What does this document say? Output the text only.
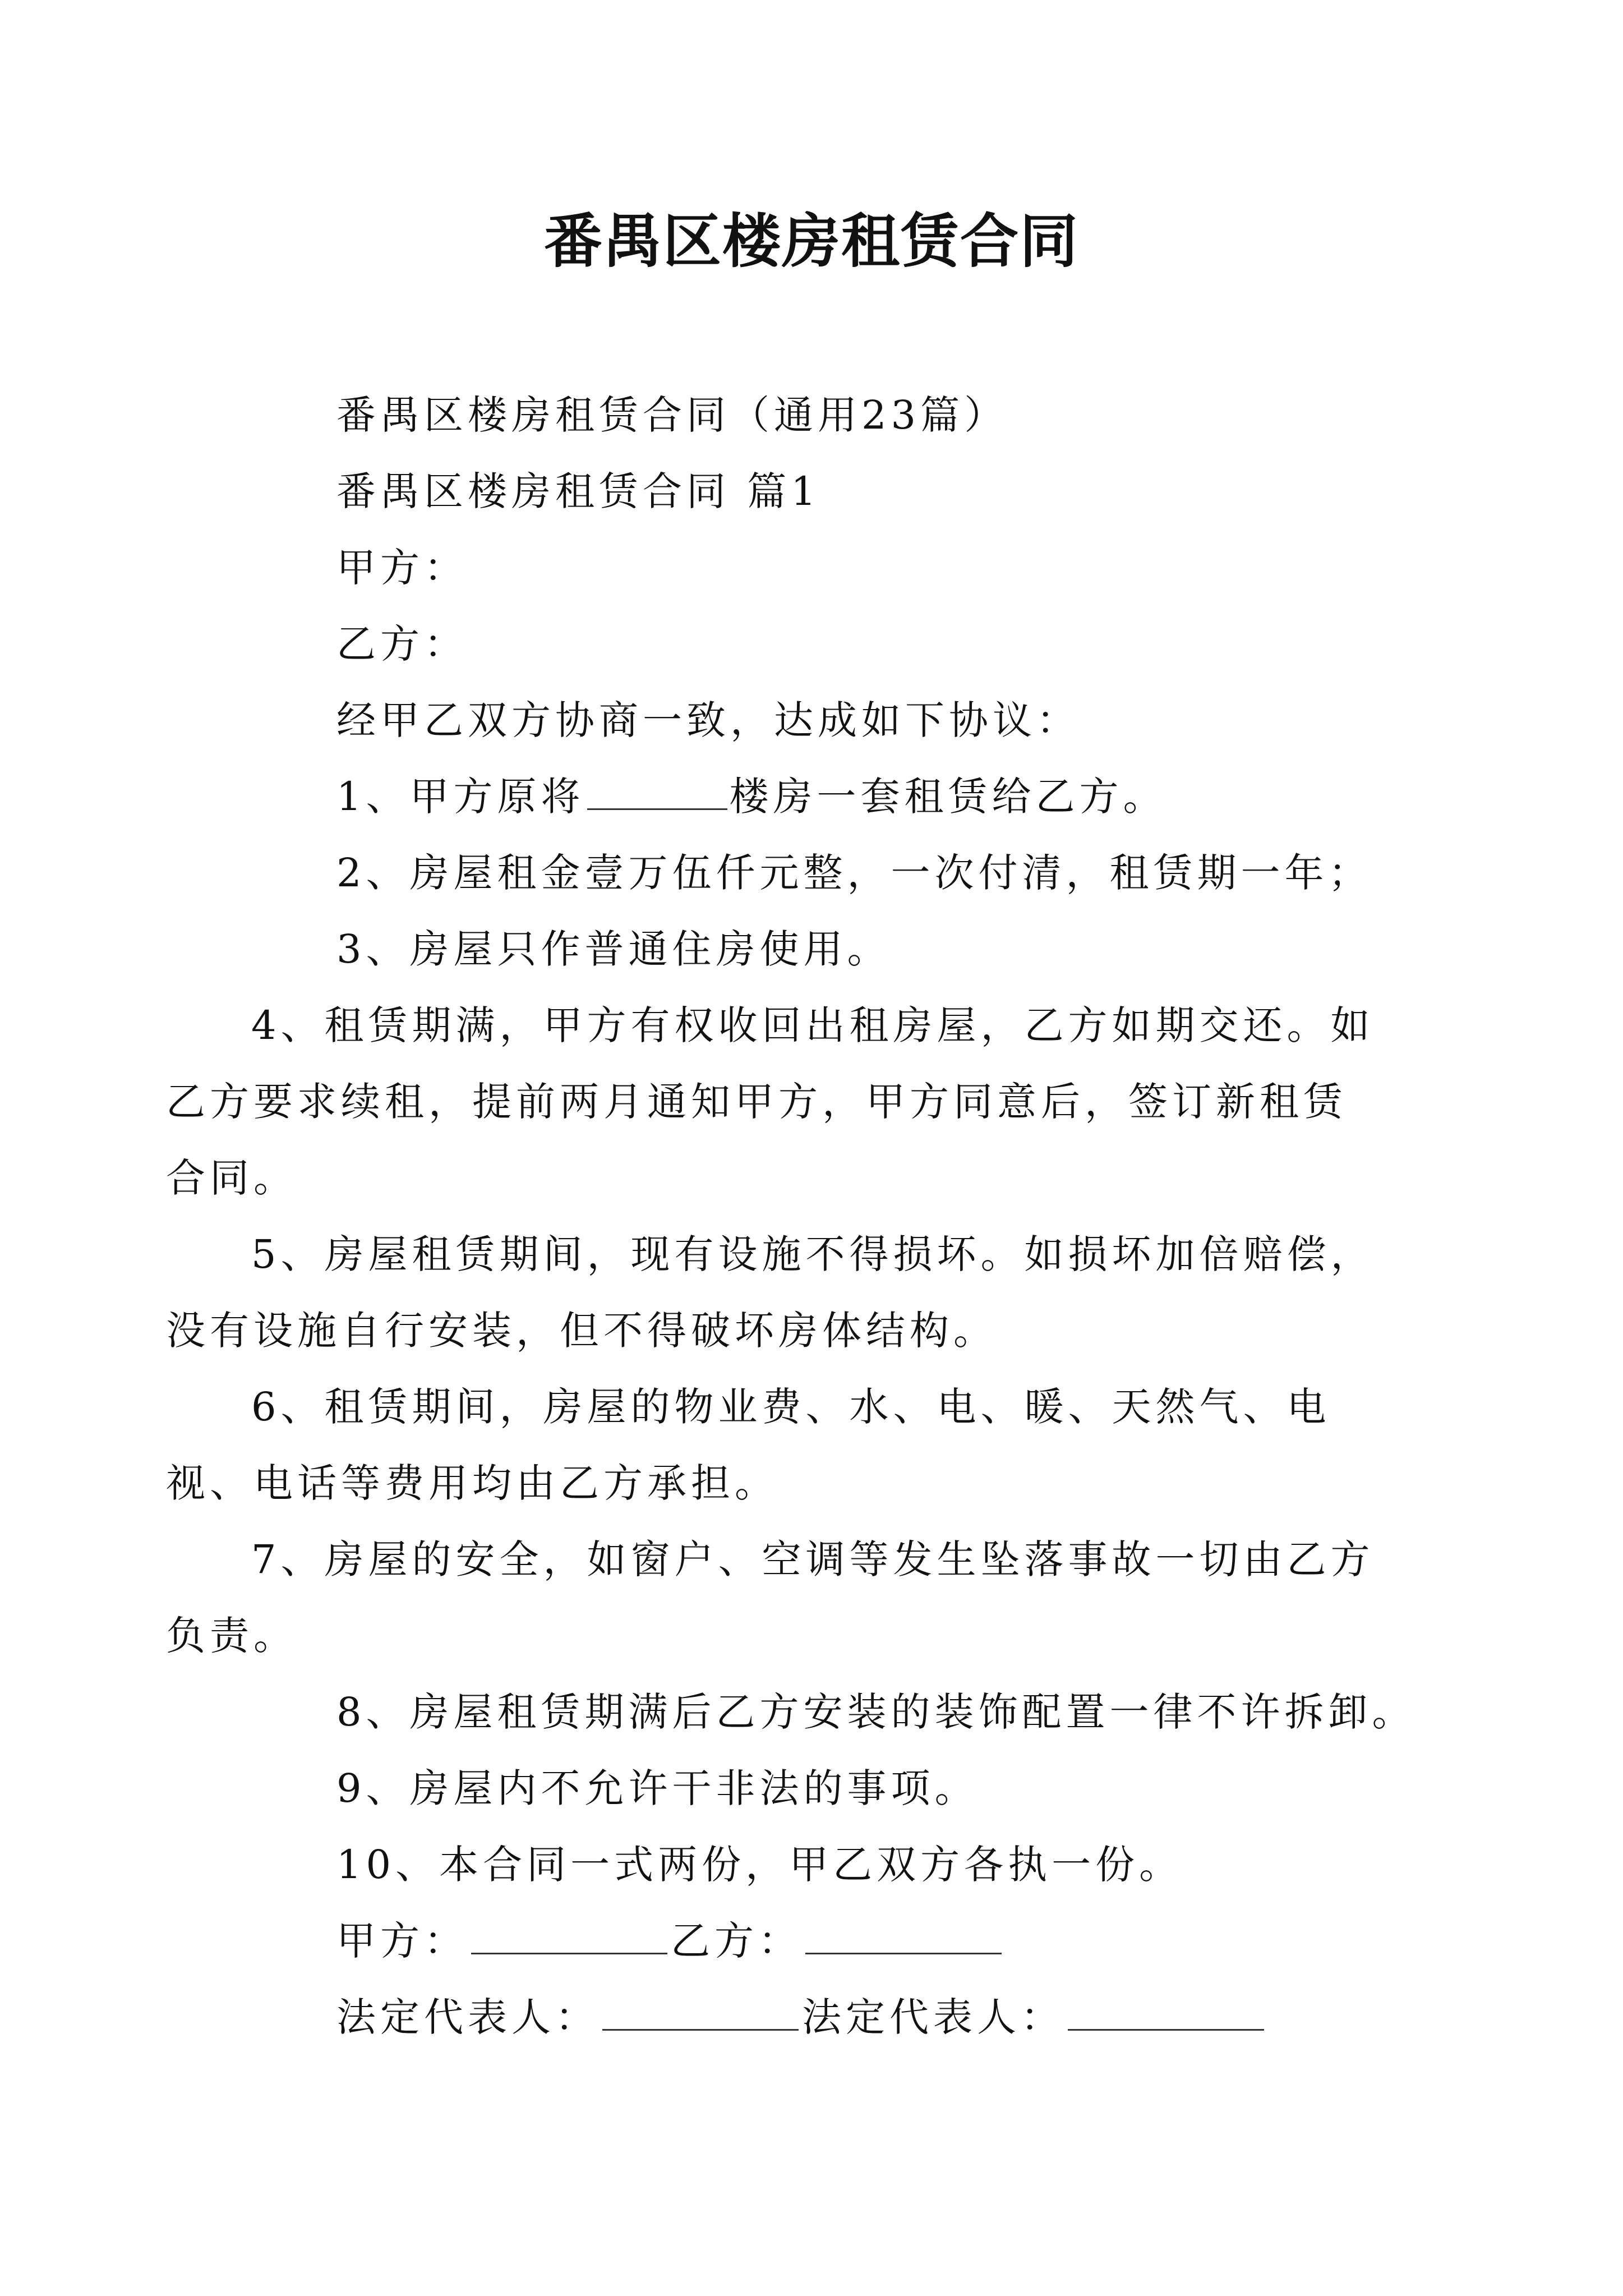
番禺区楼房租赁合同
番禺区楼房租赁合同（通用23篇）
番禺区楼房租赁合同 篇1
甲方：
乙方：
经甲乙双方协商一致，达成如下协议：
1、甲方原将	楼房一套租赁给乙方。
2、房屋租金壹万伍仟元整，一次付清，租赁期一年；
3、房屋只作普通住房使用。
4、租赁期满，甲方有权收回出租房屋，乙方如期交还。如乙方要求续租，提前两月通知甲方，甲方同意后，签订新租赁合同。
5、房屋租赁期间，现有设施不得损坏。如损坏加倍赔偿，没有设施自行安装，但不得破坏房体结构。
6、租赁期间，房屋的物业费、水、电、暖、天然气、电视、电话等费用均由乙方承担。
7、房屋的安全，如窗户、空调等发生坠落事故一切由乙方负责。
8、房屋租赁期满后乙方安装的装饰配置一律不许拆卸。
9、房屋内不允许干非法的事项。
10、本合同一式两份，甲乙双方各执一份。
甲方：	乙方：
法定代表人：	法定代表人：
